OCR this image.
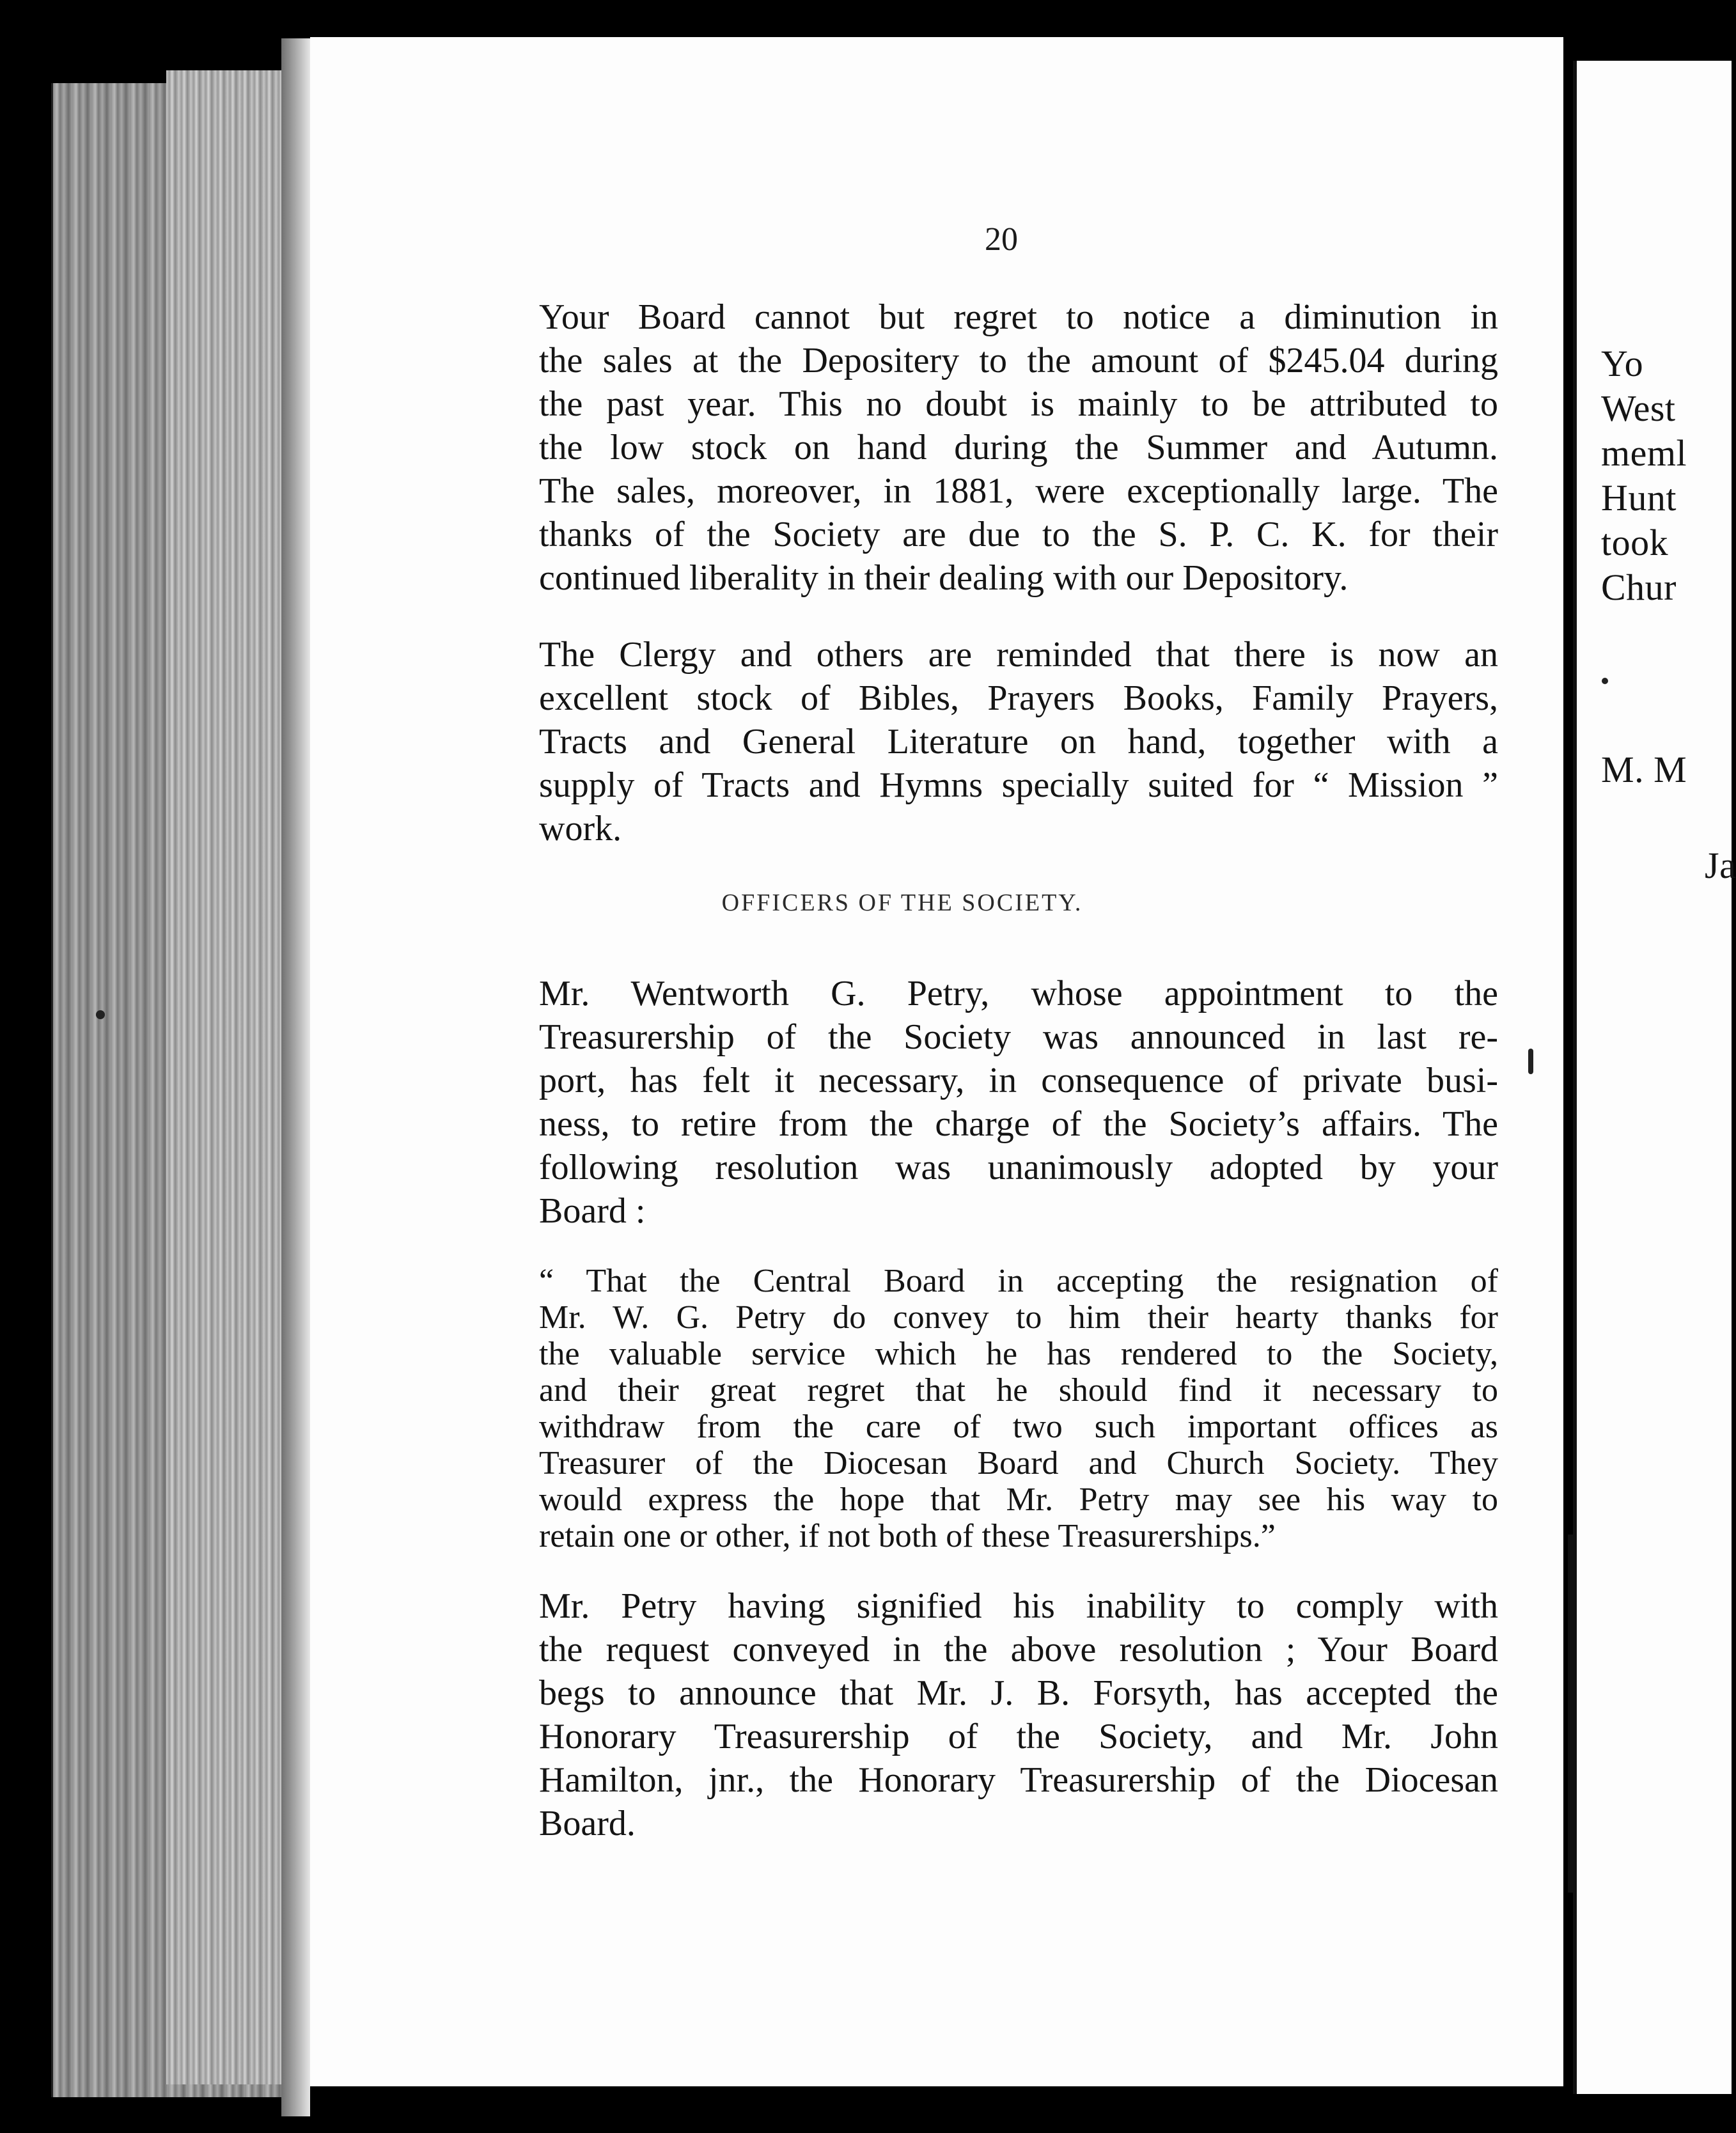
Yo
West
meml
Hunt
took
Chur
M. M
Ja
20
Your Board cannot but regret to notice a diminution in
the sales at the Depositery to the amount of $245.04 during
the past year. This no doubt is mainly to be attributed to
the low stock on hand during the Summer and Autumn.
The sales, moreover, in 1881, were exceptionally large. The
thanks of the Society are due to the S. P. C. K. for their
continued liberality in their dealing with our Depository.
The Clergy and others are reminded that there is now an
excellent stock of Bibles, Prayers Books, Family Prayers,
Tracts and General Literature on hand, together with a
supply of Tracts and Hymns specially suited for “ Mission ”
work.
OFFICERS OF THE SOCIETY.
Mr. Wentworth G. Petry, whose appointment to the
Treasurership of the Society was announced in last re-
port, has felt it necessary, in consequence of private busi-
ness, to retire from the charge of the Society’s affairs. The
following resolution was unanimously adopted by your
Board :
“ That the Central Board in accepting the resignation of
Mr. W. G. Petry do convey to him their hearty thanks for
the valuable service which he has rendered to the Society,
and their great regret that he should find it necessary to
withdraw from the care of two such important offices as
Treasurer of the Diocesan Board and Church Society. They
would express the hope that Mr. Petry may see his way to
retain one or other, if not both of these Treasurerships.”
Mr. Petry having signified his inability to comply with
the request conveyed in the above resolution ; Your Board
begs to announce that Mr. J. B. Forsyth, has accepted the
Honorary Treasurership of the Society, and Mr. John
Hamilton, jnr., the Honorary Treasurership of the Diocesan
Board.
